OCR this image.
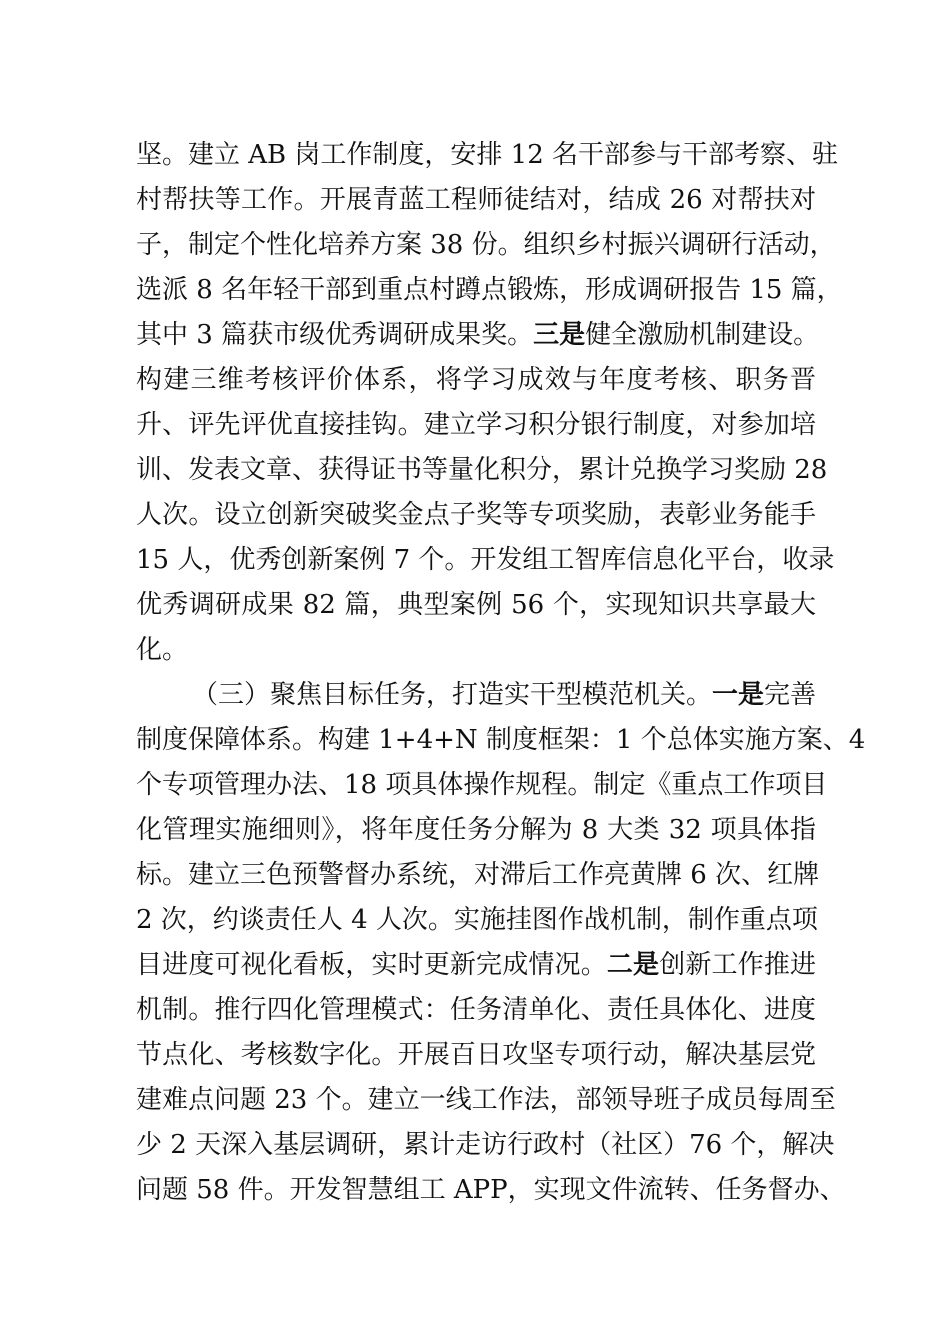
坚。建立 AB 岗工作制度，安排 12 名干部参与干部考察、驻
村帮扶等工作。开展青蓝工程师徒结对，结成 26 对帮扶对
子，制定个性化培养方案 38 份。组织乡村振兴调研行活动，
选派 8 名年轻干部到重点村蹲点锻炼，形成调研报告 15 篇，
其中 3 篇获市级优秀调研成果奖。三是健全激励机制建设。
构建三维考核评价体系，将学习成效与年度考核、职务晋
升、评先评优直接挂钩。建立学习积分银行制度，对参加培
训、发表文章、获得证书等量化积分，累计兑换学习奖励 28
人次。设立创新突破奖金点子奖等专项奖励，表彰业务能手
15 人，优秀创新案例 7 个。开发组工智库信息化平台，收录
优秀调研成果 82 篇，典型案例 56 个，实现知识共享最大
化。
（三）聚焦目标任务，打造实干型模范机关。一是完善
制度保障体系。构建 1+4+N 制度框架：1 个总体实施方案、4
个专项管理办法、18 项具体操作规程。制定《重点工作项目
化管理实施细则》，将年度任务分解为 8 大类 32 项具体指
标。建立三色预警督办系统，对滞后工作亮黄牌 6 次、红牌
2 次，约谈责任人 4 人次。实施挂图作战机制，制作重点项
目进度可视化看板，实时更新完成情况。二是创新工作推进
机制。推行四化管理模式：任务清单化、责任具体化、进度
节点化、考核数字化。开展百日攻坚专项行动，解决基层党
建难点问题 23 个。建立一线工作法，部领导班子成员每周至
少 2 天深入基层调研，累计走访行政村（社区）76 个，解决
问题 58 件。开发智慧组工 APP，实现文件流转、任务督办、
